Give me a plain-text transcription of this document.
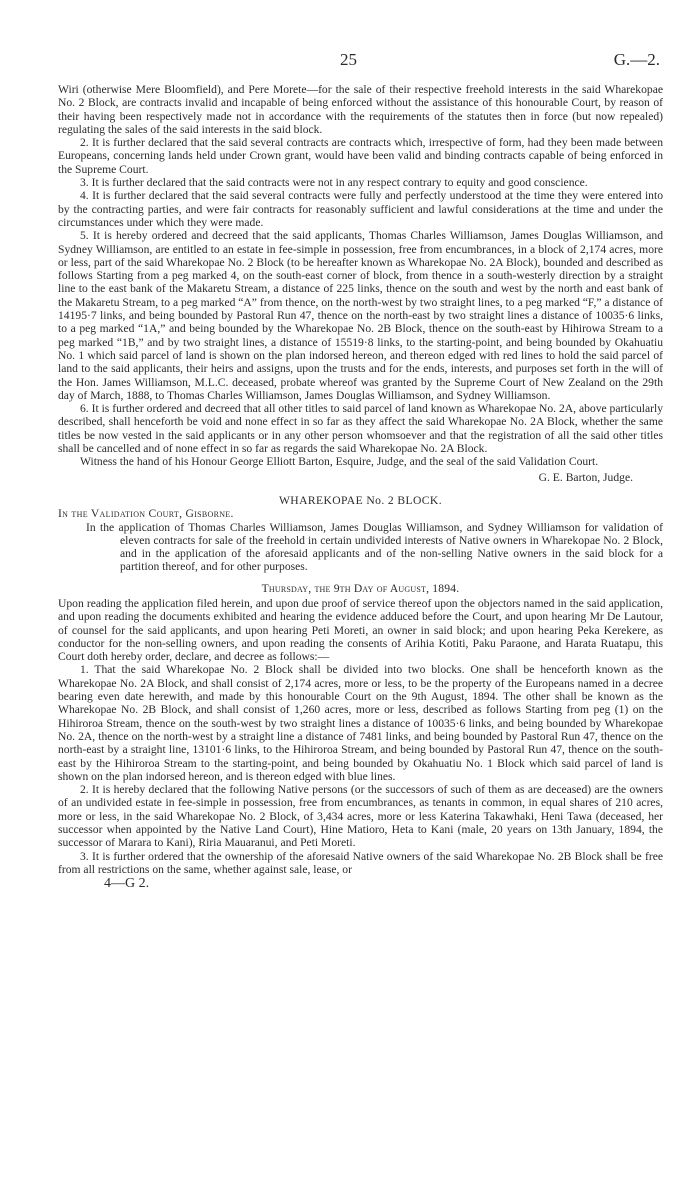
25	G.—2.

Wiri (otherwise Mere Bloomfield), and Pere Morete—for the sale of their respective freehold interests in the said Wharekopae No. 2 Block, are contracts invalid and incapable of being enforced without the assistance of this honourable Court, by reason of their having been respectively made not in accordance with the requirements of the statutes then in force (but now repealed) regulating the sales of the said interests in the said block.

2. It is further declared that the said several contracts are contracts which, irrespective of form, had they been made between Europeans, concerning lands held under Crown grant, would have been valid and binding contracts capable of being enforced in the Supreme Court.

3. It is further declared that the said contracts were not in any respect contrary to equity and good conscience.

4. It is further declared that the said several contracts were fully and perfectly understood at the time they were entered into by the contracting parties, and were fair contracts for reasonably sufficient and lawful considerations at the time and under the circumstances under which they were made.

5. It is hereby ordered and decreed that the said applicants, Thomas Charles Williamson, James Douglas Williamson, and Sydney Williamson, are entitled to an estate in fee-simple in possession, free from encumbrances, in a block of 2,174 acres, more or less, part of the said Wharekopae No. 2 Block (to be hereafter known as Wharekopae No. 2A Block), bounded and described as follows Starting from a peg marked 4, on the south-east corner of block, from thence in a south-westerly direction by a straight line to the east bank of the Makaretu Stream, a distance of 225 links, thence on the south and west by the north and east bank of the Makaretu Stream, to a peg marked “A” from thence, on the north-west by two straight lines, to a peg marked “F,” a distance of 14195·7 links, and being bounded by Pastoral Run 47, thence on the north-east by two straight lines a distance of 10035·6 links, to a peg marked “1A,” and being bounded by the Wharekopae No. 2B Block, thence on the south-east by Hihirowa Stream to a peg marked “1B,” and by two straight lines, a distance of 15519·8 links, to the starting-point, and being bounded by Okahuatiu No. 1 which said parcel of land is shown on the plan indorsed hereon, and thereon edged with red lines to hold the said parcel of land to the said applicants, their heirs and assigns, upon the trusts and for the ends, interests, and purposes set forth in the will of the Hon. James Williamson, M.L.C. deceased, probate whereof was granted by the Supreme Court of New Zealand on the 29th day of March, 1888, to Thomas Charles Williamson, James Douglas Williamson, and Sydney Williamson.

6. It is further ordered and decreed that all other titles to said parcel of land known as Wharekopae No. 2A, above particularly described, shall henceforth be void and none effect in so far as they affect the said Wharekopae No. 2A Block, whether the same titles be now vested in the said applicants or in any other person whomsoever and that the registration of all the said other titles shall be cancelled and of none effect in so far as regards the said Wharekopae No. 2A Block.

Witness the hand of his Honour George Elliott Barton, Esquire, Judge, and the seal of the said Validation Court.

G. E. Barton, Judge.

WHAREKOPAE No. 2 BLOCK.

In the Validation Court, Gisborne.

In the application of Thomas Charles Williamson, James Douglas Williamson, and Sydney Williamson for validation of eleven contracts for sale of the freehold in certain undivided interests of Native owners in Wharekopae No. 2 Block, and in the application of the aforesaid applicants and of the non-selling Native owners in the said block for a partition thereof, and for other purposes.

Thursday, the 9th Day of August, 1894.

Upon reading the application filed herein, and upon due proof of service thereof upon the objectors named in the said application, and upon reading the documents exhibited and hearing the evidence adduced before the Court, and upon hearing Mr De Lautour, of counsel for the said applicants, and upon hearing Peti Moreti, an owner in said block; and upon hearing Peka Kerekere, as conductor for the non-selling owners, and upon reading the consents of Arihia Kotiti, Paku Paraone, and Harata Ruatapu, this Court doth hereby order, declare, and decree as follows:—

1. That the said Wharekopae No. 2 Block shall be divided into two blocks. One shall be henceforth known as the Wharekopae No. 2A Block, and shall consist of 2,174 acres, more or less, to be the property of the Europeans named in a decree bearing even date herewith, and made by this honourable Court on the 9th August, 1894. The other shall be known as the Wharekopae No. 2B Block, and shall consist of 1,260 acres, more or less, described as follows Starting from peg (1) on the Hihiroroa Stream, thence on the south-west by two straight lines a distance of 10035·6 links, and being bounded by Wharekopae No. 2A, thence on the north-west by a straight line a distance of 7481 links, and being bounded by Pastoral Run 47, thence on the north-east by a straight line, 13101·6 links, to the Hihiroroa Stream, and being bounded by Pastoral Run 47, thence on the south-east by the Hihiroroa Stream to the starting-point, and being bounded by Okahuatiu No. 1 Block which said parcel of land is shown on the plan indorsed hereon, and is thereon edged with blue lines.

2. It is hereby declared that the following Native persons (or the successors of such of them as are deceased) are the owners of an undivided estate in fee-simple in possession, free from encumbrances, as tenants in common, in equal shares of 210 acres, more or less, in the said Wharekopae No. 2 Block, of 3,434 acres, more or less Katerina Takawhaki, Heni Tawa (deceased, her successor when appointed by the Native Land Court), Hine Matioro, Heta to Kani (male, 20 years on 13th January, 1894, the successor of Marara to Kani), Riria Mauaranui, and Peti Moreti.

3. It is further ordered that the ownership of the aforesaid Native owners of the said Wharekopae No. 2B Block shall be free from all restrictions on the same, whether against sale, lease, or

4—G 2.
